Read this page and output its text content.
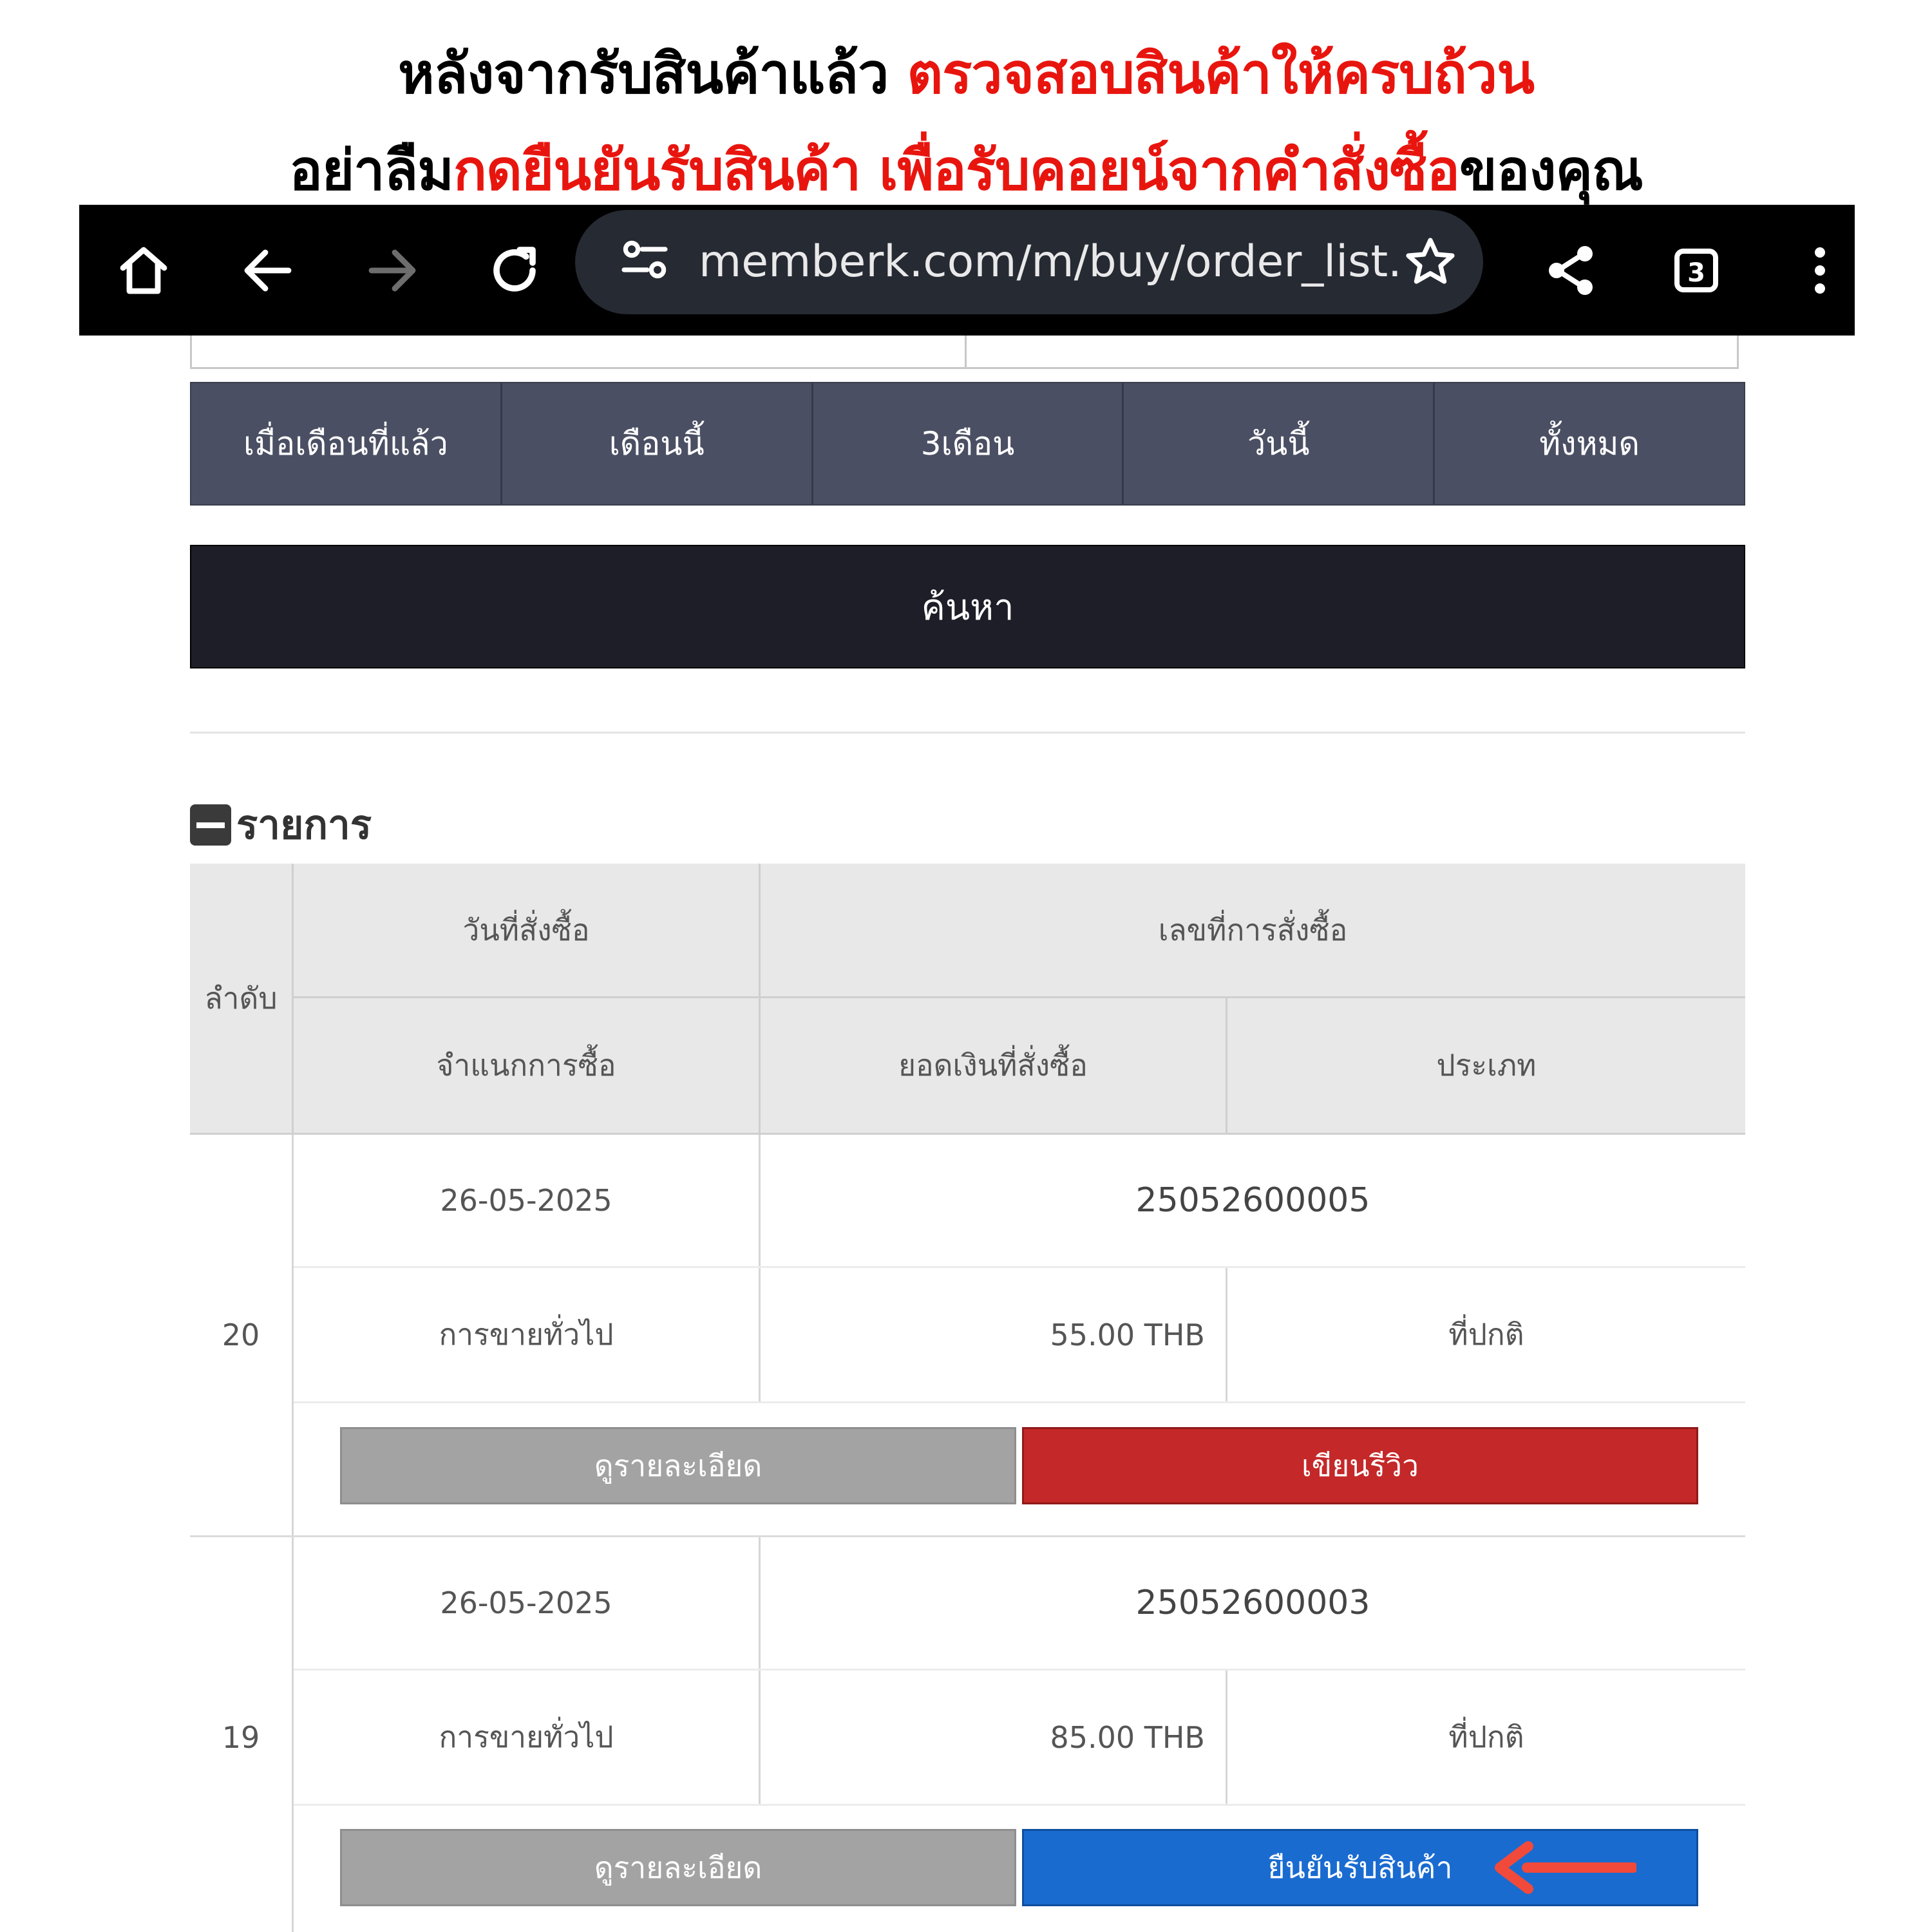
หลังจากรับสินค้าแล้ว ตรวจสอบสินค้าให้ครบถ้วน
อย่าลืมกดยืนยันรับสินค้า เพื่อรับคอยน์จากคำสั่งซื้อของคุณ
memberk.com/m/buy/order_list.	3
เมื่อเดือนที่แล้ว	เดือนนี้	3เดือน	วันนี้	ทั้งหมด
ค้นหา
รายการ
ลำดับ
วันที่สั่งซื้อ	เลขที่การสั่งซื้อ
จำแนกการซื้อ	ยอดเงินที่สั่งซื้อ	ประเภท
20
26-05-2025	25052600005
การขายทั่วไป	55.00 THB	ที่ปกติ
ดูรายละเอียด	เขียนรีวิว
19
26-05-2025	25052600003
การขายทั่วไป	85.00 THB	ที่ปกติ
ดูรายละเอียด	ยืนยันรับสินค้า
